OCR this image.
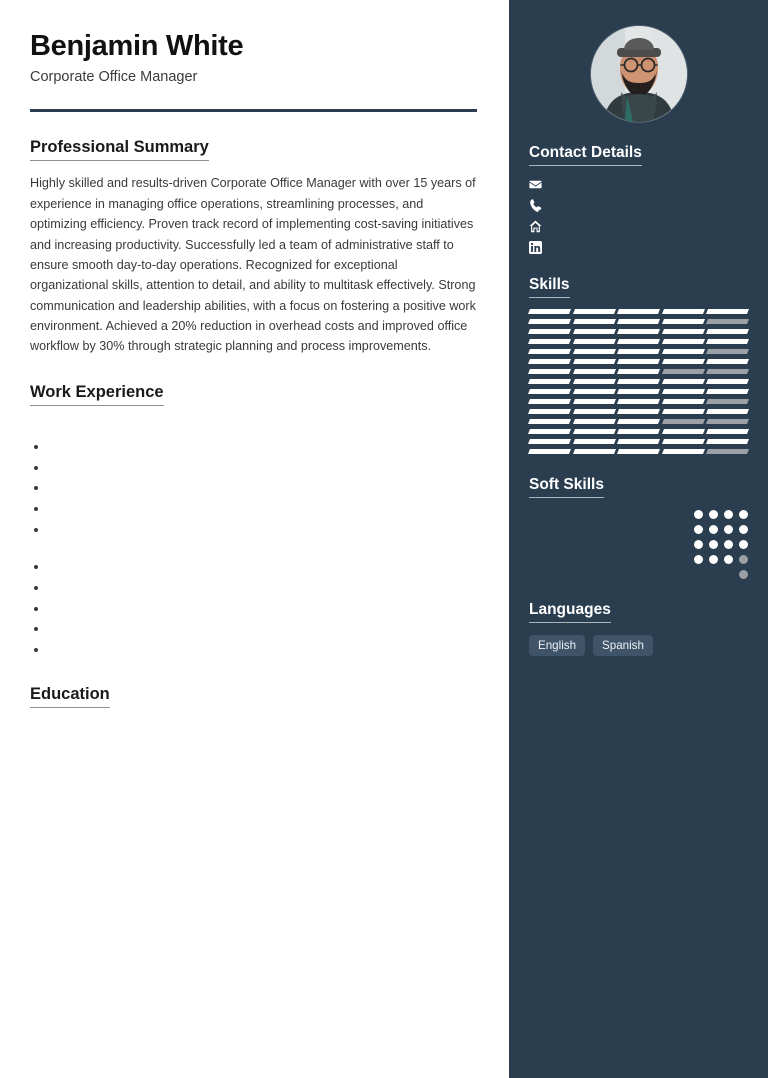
Benjamin White
Corporate Office Manager
Professional Summary

Highly skilled and results-driven Corporate Office Manager with over 15 years of experience in managing office operations, streamlining processes, and optimizing efficiency. Proven track record of implementing cost-saving initiatives and increasing productivity. Successfully led a team of administrative staff to ensure smooth day-to-day operations. Recognized for exceptional organizational skills, attention to detail, and ability to multitask effectively. Strong communication and leadership abilities, with a focus on fostering a positive work environment. Achieved a 20% reduction in overhead costs and improved office workflow by 30% through strategic planning and process improvements.

Work Experience
•
•
•
•
•
•
•
•
•
•
Education
Contact Details
Skills
Soft Skills
Languages
English	Spanish
